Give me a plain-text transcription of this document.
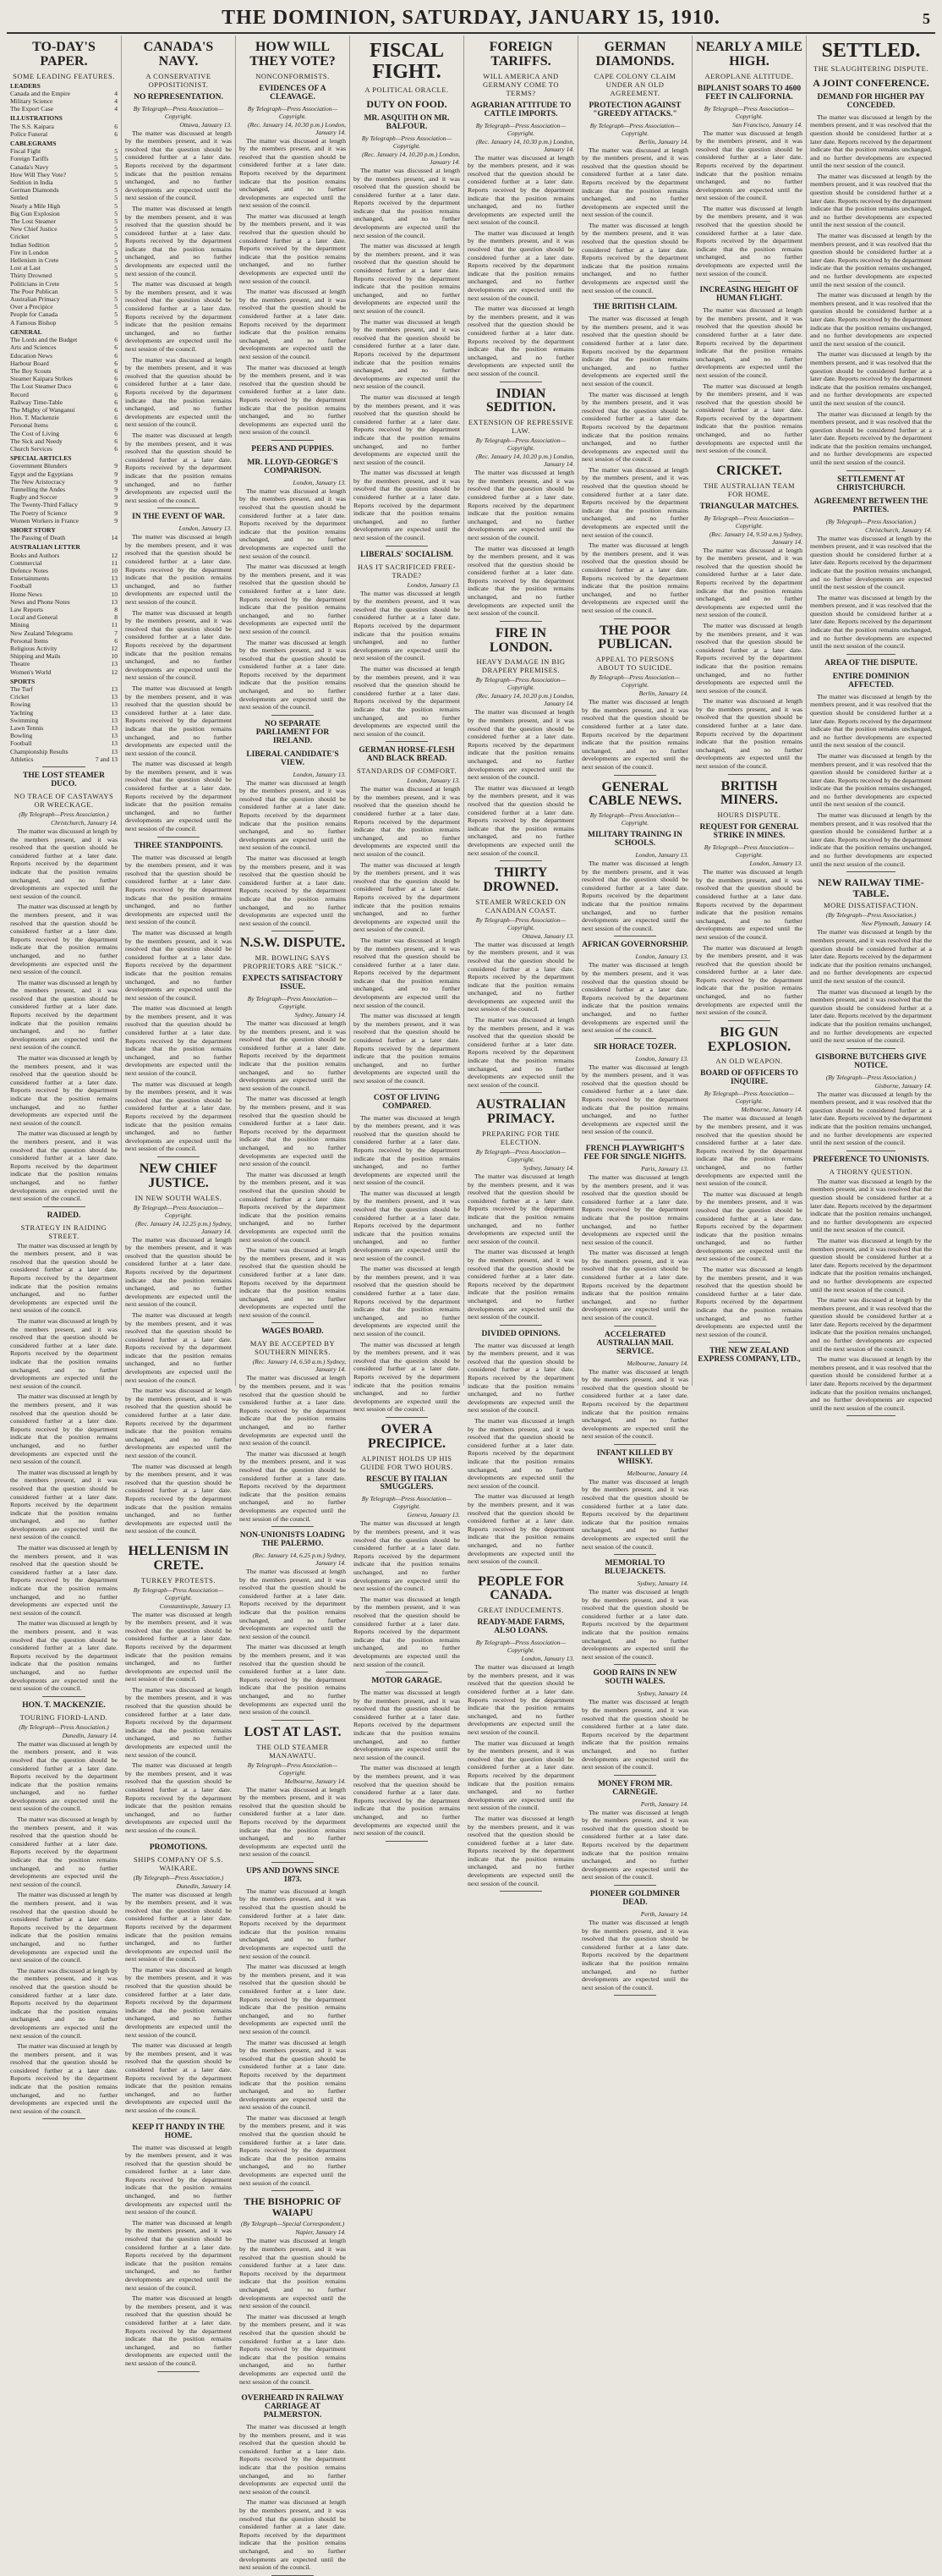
THE DOMINION, SATURDAY, JANUARY 15, 1910.	5
TO-DAY'S PAPER.
SOME LEADING FEATURES.
LEADERS
Canada and the Empire	4
Military Science	4
The Export Case	4
ILLUSTRATIONS
The S.S. Kaipara	6
Police Funeral	6
CABLEGRAMS
Fiscal Fight	5
Foreign Tariffs	5
Canada's Navy	5
How Will They Vote?	5
Sedition in India	5
German Diamonds	5
Settled	5
Nearly a Mile High	5
Big Gun Explosion	5
The Lost Steamer	5
New Chief Justice	5
Cricket	5
Indian Sedition	5
Fire in London	5
Hellenism in Crete	5
Lost at Last	5
Thirty Drowned	5
Politicians in Crete	5
The Poor Publican	5
Australian Primacy	5
Over a Precipice	5
People for Canada	5
A Famous Bishop	5
GENERAL
The Lords and the Budget	6
Arts and Sciences	6
Education News	6
Harbour Board	6
The Boy Scouts	6
Steamer Kaipara Strikes	6
The Lost Steamer Duco	6
Record	6
Railway Time-Table	6
The Mighty of Wanganui	6
Hon. T. Mackenzie	6
Personal Items	6
The Cost of Living	6
The Sick and Needy	6
Church Services	6
SPECIAL ARTICLES
Government Blunders	9
Egypt and the Egyptians	9
The New Aristocracy	9
Tunnelling the Andes	9
Rugby and Soccer	9
The Twenty-Third Fallacy	9
The Poetry of Science	9
Women Workers in France	9
SHORT STORY
The Passing of Death	14
AUSTRALIAN LETTER
Books and Authors	12
Commercial	11
Defence Notes	10
Entertainments	13
Football	13
Home News	10
News and Phone Notes	13
Law Reports	8
Local and General	8
Mining	11
New Zealand Telegrams	7
Personal Items	6
Religious Activity	12
Shipping and Mails	10
Theatre	13
Women's World	12
SPORTS
The Turf	13
Cricket	13
Rowing	13
Yachting	13
Swimming	13
Lawn Tennis	13
Bowling	13
Football	13
Championship Results	13
Athletics	7 and 13
THE LOST STEAMER DUCO.
NO TRACE OF CASTAWAYS OR WRECKAGE.
(By Telegraph—Press Association.)
Christchurch, January 14.

The matter was discussed at length by the members present, and it was resolved that the question should be considered further at a later date. Reports received by the department indicate that the position remains unchanged, and no further developments are expected until the next session of the council.

The matter was discussed at length by the members present, and it was resolved that the question should be considered further at a later date. Reports received by the department indicate that the position remains unchanged, and no further developments are expected until the next session of the council.

The matter was discussed at length by the members present, and it was resolved that the question should be considered further at a later date. Reports received by the department indicate that the position remains unchanged, and no further developments are expected until the next session of the council.

The matter was discussed at length by the members present, and it was resolved that the question should be considered further at a later date. Reports received by the department indicate that the position remains unchanged, and no further developments are expected until the next session of the council.

The matter was discussed at length by the members present, and it was resolved that the question should be considered further at a later date. Reports received by the department indicate that the position remains unchanged, and no further developments are expected until the next session of the council.

RAIDED.
STRATEGY IN RAIDING STREET.

The matter was discussed at length by the members present, and it was resolved that the question should be considered further at a later date. Reports received by the department indicate that the position remains unchanged, and no further developments are expected until the next session of the council.

The matter was discussed at length by the members present, and it was resolved that the question should be considered further at a later date. Reports received by the department indicate that the position remains unchanged, and no further developments are expected until the next session of the council.

The matter was discussed at length by the members present, and it was resolved that the question should be considered further at a later date. Reports received by the department indicate that the position remains unchanged, and no further developments are expected until the next session of the council.

The matter was discussed at length by the members present, and it was resolved that the question should be considered further at a later date. Reports received by the department indicate that the position remains unchanged, and no further developments are expected until the next session of the council.

The matter was discussed at length by the members present, and it was resolved that the question should be considered further at a later date. Reports received by the department indicate that the position remains unchanged, and no further developments are expected until the next session of the council.

The matter was discussed at length by the members present, and it was resolved that the question should be considered further at a later date. Reports received by the department indicate that the position remains unchanged, and no further developments are expected until the next session of the council.

HON. T. MACKENZIE.
TOURING FIORD-LAND.
(By Telegraph—Press Association.)
Dunedin, January 14.

The matter was discussed at length by the members present, and it was resolved that the question should be considered further at a later date. Reports received by the department indicate that the position remains unchanged, and no further developments are expected until the next session of the council.

The matter was discussed at length by the members present, and it was resolved that the question should be considered further at a later date. Reports received by the department indicate that the position remains unchanged, and no further developments are expected until the next session of the council.

The matter was discussed at length by the members present, and it was resolved that the question should be considered further at a later date. Reports received by the department indicate that the position remains unchanged, and no further developments are expected until the next session of the council.

The matter was discussed at length by the members present, and it was resolved that the question should be considered further at a later date. Reports received by the department indicate that the position remains unchanged, and no further developments are expected until the next session of the council.

The matter was discussed at length by the members present, and it was resolved that the question should be considered further at a later date. Reports received by the department indicate that the position remains unchanged, and no further developments are expected until the next session of the council.

CANADA'S NAVY.
A CONSERVATIVE OPPOSITIONIST.
NO REPRESENTATION.
By Telegraph—Press Association—Copyright.
Ottawa, January 13.

The matter was discussed at length by the members present, and it was resolved that the question should be considered further at a later date. Reports received by the department indicate that the position remains unchanged, and no further developments are expected until the next session of the council.

The matter was discussed at length by the members present, and it was resolved that the question should be considered further at a later date. Reports received by the department indicate that the position remains unchanged, and no further developments are expected until the next session of the council.

The matter was discussed at length by the members present, and it was resolved that the question should be considered further at a later date. Reports received by the department indicate that the position remains unchanged, and no further developments are expected until the next session of the council.

The matter was discussed at length by the members present, and it was resolved that the question should be considered further at a later date. Reports received by the department indicate that the position remains unchanged, and no further developments are expected until the next session of the council.

The matter was discussed at length by the members present, and it was resolved that the question should be considered further at a later date. Reports received by the department indicate that the position remains unchanged, and no further developments are expected until the next session of the council.

IN THE EVENT OF WAR.
London, January 13.

The matter was discussed at length by the members present, and it was resolved that the question should be considered further at a later date. Reports received by the department indicate that the position remains unchanged, and no further developments are expected until the next session of the council.

The matter was discussed at length by the members present, and it was resolved that the question should be considered further at a later date. Reports received by the department indicate that the position remains unchanged, and no further developments are expected until the next session of the council.

The matter was discussed at length by the members present, and it was resolved that the question should be considered further at a later date. Reports received by the department indicate that the position remains unchanged, and no further developments are expected until the next session of the council.

The matter was discussed at length by the members present, and it was resolved that the question should be considered further at a later date. Reports received by the department indicate that the position remains unchanged, and no further developments are expected until the next session of the council.

THREE STANDPOINTS.

The matter was discussed at length by the members present, and it was resolved that the question should be considered further at a later date. Reports received by the department indicate that the position remains unchanged, and no further developments are expected until the next session of the council.

The matter was discussed at length by the members present, and it was resolved that the question should be considered further at a later date. Reports received by the department indicate that the position remains unchanged, and no further developments are expected until the next session of the council.

The matter was discussed at length by the members present, and it was resolved that the question should be considered further at a later date. Reports received by the department indicate that the position remains unchanged, and no further developments are expected until the next session of the council.

The matter was discussed at length by the members present, and it was resolved that the question should be considered further at a later date. Reports received by the department indicate that the position remains unchanged, and no further developments are expected until the next session of the council.

NEW CHIEF JUSTICE.
IN NEW SOUTH WALES.
By Telegraph—Press Association—Copyright.
(Rec. January 14, 12.25 p.m.) Sydney, January 14.

The matter was discussed at length by the members present, and it was resolved that the question should be considered further at a later date. Reports received by the department indicate that the position remains unchanged, and no further developments are expected until the next session of the council.

The matter was discussed at length by the members present, and it was resolved that the question should be considered further at a later date. Reports received by the department indicate that the position remains unchanged, and no further developments are expected until the next session of the council.

The matter was discussed at length by the members present, and it was resolved that the question should be considered further at a later date. Reports received by the department indicate that the position remains unchanged, and no further developments are expected until the next session of the council.

The matter was discussed at length by the members present, and it was resolved that the question should be considered further at a later date. Reports received by the department indicate that the position remains unchanged, and no further developments are expected until the next session of the council.

HELLENISM IN CRETE.
TURKEY PROTESTS.
By Telegraph—Press Association—Copyright.
Constantinople, January 13.

The matter was discussed at length by the members present, and it was resolved that the question should be considered further at a later date. Reports received by the department indicate that the position remains unchanged, and no further developments are expected until the next session of the council.

The matter was discussed at length by the members present, and it was resolved that the question should be considered further at a later date. Reports received by the department indicate that the position remains unchanged, and no further developments are expected until the next session of the council.

The matter was discussed at length by the members present, and it was resolved that the question should be considered further at a later date. Reports received by the department indicate that the position remains unchanged, and no further developments are expected until the next session of the council.

PROMOTIONS.
SHIPS COMPANY OF S.S. WAIKARE.
(By Telegraph—Press Association.)
Dunedin, January 14.

The matter was discussed at length by the members present, and it was resolved that the question should be considered further at a later date. Reports received by the department indicate that the position remains unchanged, and no further developments are expected until the next session of the council.

The matter was discussed at length by the members present, and it was resolved that the question should be considered further at a later date. Reports received by the department indicate that the position remains unchanged, and no further developments are expected until the next session of the council.

The matter was discussed at length by the members present, and it was resolved that the question should be considered further at a later date. Reports received by the department indicate that the position remains unchanged, and no further developments are expected until the next session of the council.

KEEP IT HANDY IN THE HOME.

The matter was discussed at length by the members present, and it was resolved that the question should be considered further at a later date. Reports received by the department indicate that the position remains unchanged, and no further developments are expected until the next session of the council.

The matter was discussed at length by the members present, and it was resolved that the question should be considered further at a later date. Reports received by the department indicate that the position remains unchanged, and no further developments are expected until the next session of the council.

The matter was discussed at length by the members present, and it was resolved that the question should be considered further at a later date. Reports received by the department indicate that the position remains unchanged, and no further developments are expected until the next session of the council.

HOW WILL THEY VOTE?
NONCONFORMISTS.
EVIDENCES OF A CLEAVAGE.
By Telegraph—Press Association—Copyright.
(Rec. January 14, 10.30 p.m.) London, January 14.

The matter was discussed at length by the members present, and it was resolved that the question should be considered further at a later date. Reports received by the department indicate that the position remains unchanged, and no further developments are expected until the next session of the council.

The matter was discussed at length by the members present, and it was resolved that the question should be considered further at a later date. Reports received by the department indicate that the position remains unchanged, and no further developments are expected until the next session of the council.

The matter was discussed at length by the members present, and it was resolved that the question should be considered further at a later date. Reports received by the department indicate that the position remains unchanged, and no further developments are expected until the next session of the council.

The matter was discussed at length by the members present, and it was resolved that the question should be considered further at a later date. Reports received by the department indicate that the position remains unchanged, and no further developments are expected until the next session of the council.

PEERS AND PUPPIES.
MR. LLOYD-GEORGE'S COMPARISON.
London, January 13.

The matter was discussed at length by the members present, and it was resolved that the question should be considered further at a later date. Reports received by the department indicate that the position remains unchanged, and no further developments are expected until the next session of the council.

The matter was discussed at length by the members present, and it was resolved that the question should be considered further at a later date. Reports received by the department indicate that the position remains unchanged, and no further developments are expected until the next session of the council.

The matter was discussed at length by the members present, and it was resolved that the question should be considered further at a later date. Reports received by the department indicate that the position remains unchanged, and no further developments are expected until the next session of the council.

NO SEPARATE PARLIAMENT FOR IRELAND.
LIBERAL CANDIDATE'S VIEW.
London, January 13.

The matter was discussed at length by the members present, and it was resolved that the question should be considered further at a later date. Reports received by the department indicate that the position remains unchanged, and no further developments are expected until the next session of the council.

The matter was discussed at length by the members present, and it was resolved that the question should be considered further at a later date. Reports received by the department indicate that the position remains unchanged, and no further developments are expected until the next session of the council.

N.S.W. DISPUTE.
MR. BOWLING SAYS PROPRIETORS ARE "SICK."
EXPECTS SATISFACTORY ISSUE.
By Telegraph—Press Association—Copyright.
Sydney, January 14.

The matter was discussed at length by the members present, and it was resolved that the question should be considered further at a later date. Reports received by the department indicate that the position remains unchanged, and no further developments are expected until the next session of the council.

The matter was discussed at length by the members present, and it was resolved that the question should be considered further at a later date. Reports received by the department indicate that the position remains unchanged, and no further developments are expected until the next session of the council.

The matter was discussed at length by the members present, and it was resolved that the question should be considered further at a later date. Reports received by the department indicate that the position remains unchanged, and no further developments are expected until the next session of the council.

The matter was discussed at length by the members present, and it was resolved that the question should be considered further at a later date. Reports received by the department indicate that the position remains unchanged, and no further developments are expected until the next session of the council.

WAGES BOARD.
MAY BE ACCEPTED BY SOUTHERN MINERS.
(Rec. January 14, 6.50 a.m.) Sydney, January 14.

The matter was discussed at length by the members present, and it was resolved that the question should be considered further at a later date. Reports received by the department indicate that the position remains unchanged, and no further developments are expected until the next session of the council.

The matter was discussed at length by the members present, and it was resolved that the question should be considered further at a later date. Reports received by the department indicate that the position remains unchanged, and no further developments are expected until the next session of the council.

NON-UNIONISTS LOADING THE PALERMO.
(Rec. January 14, 6.25 p.m.) Sydney, January 14.

The matter was discussed at length by the members present, and it was resolved that the question should be considered further at a later date. Reports received by the department indicate that the position remains unchanged, and no further developments are expected until the next session of the council.

The matter was discussed at length by the members present, and it was resolved that the question should be considered further at a later date. Reports received by the department indicate that the position remains unchanged, and no further developments are expected until the next session of the council.

LOST AT LAST.
THE OLD STEAMER MANAWATU.
By Telegraph—Press Association—Copyright.
Melbourne, January 14.

The matter was discussed at length by the members present, and it was resolved that the question should be considered further at a later date. Reports received by the department indicate that the position remains unchanged, and no further developments are expected until the next session of the council.

UPS AND DOWNS SINCE 1873.

The matter was discussed at length by the members present, and it was resolved that the question should be considered further at a later date. Reports received by the department indicate that the position remains unchanged, and no further developments are expected until the next session of the council.

The matter was discussed at length by the members present, and it was resolved that the question should be considered further at a later date. Reports received by the department indicate that the position remains unchanged, and no further developments are expected until the next session of the council.

The matter was discussed at length by the members present, and it was resolved that the question should be considered further at a later date. Reports received by the department indicate that the position remains unchanged, and no further developments are expected until the next session of the council.

The matter was discussed at length by the members present, and it was resolved that the question should be considered further at a later date. Reports received by the department indicate that the position remains unchanged, and no further developments are expected until the next session of the council.

THE BISHOPRIC OF WAIAPU
(By Telegraph—Special Correspondent.)
Napier, January 14.

The matter was discussed at length by the members present, and it was resolved that the question should be considered further at a later date. Reports received by the department indicate that the position remains unchanged, and no further developments are expected until the next session of the council.

The matter was discussed at length by the members present, and it was resolved that the question should be considered further at a later date. Reports received by the department indicate that the position remains unchanged, and no further developments are expected until the next session of the council.

OVERHEARD IN RAILWAY CARRIAGE AT PALMERSTON.

The matter was discussed at length by the members present, and it was resolved that the question should be considered further at a later date. Reports received by the department indicate that the position remains unchanged, and no further developments are expected until the next session of the council.

The matter was discussed at length by the members present, and it was resolved that the question should be considered further at a later date. Reports received by the department indicate that the position remains unchanged, and no further developments are expected until the next session of the council.

FISCAL FIGHT.
A POLITICAL ORACLE.
DUTY ON FOOD.
MR. ASQUITH ON MR. BALFOUR.
By Telegraph—Press Association—Copyright.
(Rec. January 14, 10.20 p.m.) London, January 14.

The matter was discussed at length by the members present, and it was resolved that the question should be considered further at a later date. Reports received by the department indicate that the position remains unchanged, and no further developments are expected until the next session of the council.

The matter was discussed at length by the members present, and it was resolved that the question should be considered further at a later date. Reports received by the department indicate that the position remains unchanged, and no further developments are expected until the next session of the council.

The matter was discussed at length by the members present, and it was resolved that the question should be considered further at a later date. Reports received by the department indicate that the position remains unchanged, and no further developments are expected until the next session of the council.

The matter was discussed at length by the members present, and it was resolved that the question should be considered further at a later date. Reports received by the department indicate that the position remains unchanged, and no further developments are expected until the next session of the council.

The matter was discussed at length by the members present, and it was resolved that the question should be considered further at a later date. Reports received by the department indicate that the position remains unchanged, and no further developments are expected until the next session of the council.

LIBERALS' SOCIALISM.
HAS IT SACRIFICED FREE-TRADE?
London, January 13.

The matter was discussed at length by the members present, and it was resolved that the question should be considered further at a later date. Reports received by the department indicate that the position remains unchanged, and no further developments are expected until the next session of the council.

The matter was discussed at length by the members present, and it was resolved that the question should be considered further at a later date. Reports received by the department indicate that the position remains unchanged, and no further developments are expected until the next session of the council.

GERMAN HORSE-FLESH AND BLACK BREAD.
STANDARDS OF COMFORT.
London, January 13.

The matter was discussed at length by the members present, and it was resolved that the question should be considered further at a later date. Reports received by the department indicate that the position remains unchanged, and no further developments are expected until the next session of the council.

The matter was discussed at length by the members present, and it was resolved that the question should be considered further at a later date. Reports received by the department indicate that the position remains unchanged, and no further developments are expected until the next session of the council.

The matter was discussed at length by the members present, and it was resolved that the question should be considered further at a later date. Reports received by the department indicate that the position remains unchanged, and no further developments are expected until the next session of the council.

The matter was discussed at length by the members present, and it was resolved that the question should be considered further at a later date. Reports received by the department indicate that the position remains unchanged, and no further developments are expected until the next session of the council.

COST OF LIVING COMPARED.

The matter was discussed at length by the members present, and it was resolved that the question should be considered further at a later date. Reports received by the department indicate that the position remains unchanged, and no further developments are expected until the next session of the council.

The matter was discussed at length by the members present, and it was resolved that the question should be considered further at a later date. Reports received by the department indicate that the position remains unchanged, and no further developments are expected until the next session of the council.

The matter was discussed at length by the members present, and it was resolved that the question should be considered further at a later date. Reports received by the department indicate that the position remains unchanged, and no further developments are expected until the next session of the council.

The matter was discussed at length by the members present, and it was resolved that the question should be considered further at a later date. Reports received by the department indicate that the position remains unchanged, and no further developments are expected until the next session of the council.

OVER A PRECIPICE.
ALPINIST HOLDS UP HIS GUIDE FOR TWO HOURS.
RESCUE BY ITALIAN SMUGGLERS.
By Telegraph—Press Association—Copyright.
Geneva, January 13.

The matter was discussed at length by the members present, and it was resolved that the question should be considered further at a later date. Reports received by the department indicate that the position remains unchanged, and no further developments are expected until the next session of the council.

The matter was discussed at length by the members present, and it was resolved that the question should be considered further at a later date. Reports received by the department indicate that the position remains unchanged, and no further developments are expected until the next session of the council.

MOTOR GARAGE.

The matter was discussed at length by the members present, and it was resolved that the question should be considered further at a later date. Reports received by the department indicate that the position remains unchanged, and no further developments are expected until the next session of the council.

The matter was discussed at length by the members present, and it was resolved that the question should be considered further at a later date. Reports received by the department indicate that the position remains unchanged, and no further developments are expected until the next session of the council.

FOREIGN TARIFFS.
WILL AMERICA AND GERMANY COME TO TERMS?
AGRARIAN ATTITUDE TO CATTLE IMPORTS.
By Telegraph—Press Association—Copyright.
(Rec. January 14, 10.30 p.m.) London, January 14.

The matter was discussed at length by the members present, and it was resolved that the question should be considered further at a later date. Reports received by the department indicate that the position remains unchanged, and no further developments are expected until the next session of the council.

The matter was discussed at length by the members present, and it was resolved that the question should be considered further at a later date. Reports received by the department indicate that the position remains unchanged, and no further developments are expected until the next session of the council.

The matter was discussed at length by the members present, and it was resolved that the question should be considered further at a later date. Reports received by the department indicate that the position remains unchanged, and no further developments are expected until the next session of the council.

INDIAN SEDITION.
EXTENSION OF REPRESSIVE LAW.
By Telegraph—Press Association—Copyright.
(Rec. January 14, 10.20 p.m.) London, January 14.

The matter was discussed at length by the members present, and it was resolved that the question should be considered further at a later date. Reports received by the department indicate that the position remains unchanged, and no further developments are expected until the next session of the council.

The matter was discussed at length by the members present, and it was resolved that the question should be considered further at a later date. Reports received by the department indicate that the position remains unchanged, and no further developments are expected until the next session of the council.

FIRE IN LONDON.
HEAVY DAMAGE IN BIG DRAPERY PREMISES.
By Telegraph—Press Association—Copyright.
(Rec. January 14, 10.20 p.m.) London, January 14.

The matter was discussed at length by the members present, and it was resolved that the question should be considered further at a later date. Reports received by the department indicate that the position remains unchanged, and no further developments are expected until the next session of the council.

The matter was discussed at length by the members present, and it was resolved that the question should be considered further at a later date. Reports received by the department indicate that the position remains unchanged, and no further developments are expected until the next session of the council.

THIRTY DROWNED.
STEAMER WRECKED ON CANADIAN COAST.
By Telegraph—Press Association—Copyright.
Ottawa, January 13.

The matter was discussed at length by the members present, and it was resolved that the question should be considered further at a later date. Reports received by the department indicate that the position remains unchanged, and no further developments are expected until the next session of the council.

The matter was discussed at length by the members present, and it was resolved that the question should be considered further at a later date. Reports received by the department indicate that the position remains unchanged, and no further developments are expected until the next session of the council.

AUSTRALIAN PRIMACY.
PREPARING FOR THE ELECTION.
By Telegraph—Press Association—Copyright.
Sydney, January 14.

The matter was discussed at length by the members present, and it was resolved that the question should be considered further at a later date. Reports received by the department indicate that the position remains unchanged, and no further developments are expected until the next session of the council.

The matter was discussed at length by the members present, and it was resolved that the question should be considered further at a later date. Reports received by the department indicate that the position remains unchanged, and no further developments are expected until the next session of the council.

DIVIDED OPINIONS.

The matter was discussed at length by the members present, and it was resolved that the question should be considered further at a later date. Reports received by the department indicate that the position remains unchanged, and no further developments are expected until the next session of the council.

The matter was discussed at length by the members present, and it was resolved that the question should be considered further at a later date. Reports received by the department indicate that the position remains unchanged, and no further developments are expected until the next session of the council.

The matter was discussed at length by the members present, and it was resolved that the question should be considered further at a later date. Reports received by the department indicate that the position remains unchanged, and no further developments are expected until the next session of the council.

PEOPLE FOR CANADA.
GREAT INDUCEMENTS.
READY-MADE FARMS, ALSO LOANS.
By Telegraph—Press Association—Copyright.
London, January 13.

The matter was discussed at length by the members present, and it was resolved that the question should be considered further at a later date. Reports received by the department indicate that the position remains unchanged, and no further developments are expected until the next session of the council.

The matter was discussed at length by the members present, and it was resolved that the question should be considered further at a later date. Reports received by the department indicate that the position remains unchanged, and no further developments are expected until the next session of the council.

The matter was discussed at length by the members present, and it was resolved that the question should be considered further at a later date. Reports received by the department indicate that the position remains unchanged, and no further developments are expected until the next session of the council.

GERMAN DIAMONDS.
CAPE COLONY CLAIM UNDER AN OLD AGREEMENT.
PROTECTION AGAINST "GREEDY ATTACKS."
By Telegraph—Press Association—Copyright.
Berlin, January 14.

The matter was discussed at length by the members present, and it was resolved that the question should be considered further at a later date. Reports received by the department indicate that the position remains unchanged, and no further developments are expected until the next session of the council.

The matter was discussed at length by the members present, and it was resolved that the question should be considered further at a later date. Reports received by the department indicate that the position remains unchanged, and no further developments are expected until the next session of the council.

THE BRITISH CLAIM.

The matter was discussed at length by the members present, and it was resolved that the question should be considered further at a later date. Reports received by the department indicate that the position remains unchanged, and no further developments are expected until the next session of the council.

The matter was discussed at length by the members present, and it was resolved that the question should be considered further at a later date. Reports received by the department indicate that the position remains unchanged, and no further developments are expected until the next session of the council.

The matter was discussed at length by the members present, and it was resolved that the question should be considered further at a later date. Reports received by the department indicate that the position remains unchanged, and no further developments are expected until the next session of the council.

The matter was discussed at length by the members present, and it was resolved that the question should be considered further at a later date. Reports received by the department indicate that the position remains unchanged, and no further developments are expected until the next session of the council.

THE POOR PUBLICAN.
APPEAL TO PERSONS ABOUT TO SUICIDE.
By Telegraph—Press Association—Copyright.
Berlin, January 14.

The matter was discussed at length by the members present, and it was resolved that the question should be considered further at a later date. Reports received by the department indicate that the position remains unchanged, and no further developments are expected until the next session of the council.

GENERAL CABLE NEWS.
By Telegraph—Press Association—Copyright.
MILITARY TRAINING IN SCHOOLS.
London, January 13.

The matter was discussed at length by the members present, and it was resolved that the question should be considered further at a later date. Reports received by the department indicate that the position remains unchanged, and no further developments are expected until the next session of the council.

AFRICAN GOVERNORSHIP.
London, January 13.

The matter was discussed at length by the members present, and it was resolved that the question should be considered further at a later date. Reports received by the department indicate that the position remains unchanged, and no further developments are expected until the next session of the council.

SIR HORACE TOZER.
London, January 13.

The matter was discussed at length by the members present, and it was resolved that the question should be considered further at a later date. Reports received by the department indicate that the position remains unchanged, and no further developments are expected until the next session of the council.

FRENCH PLAYWRIGHT'S FEE FOR SINGLE NIGHTS.
Paris, January 13.

The matter was discussed at length by the members present, and it was resolved that the question should be considered further at a later date. Reports received by the department indicate that the position remains unchanged, and no further developments are expected until the next session of the council.

The matter was discussed at length by the members present, and it was resolved that the question should be considered further at a later date. Reports received by the department indicate that the position remains unchanged, and no further developments are expected until the next session of the council.

ACCELERATED AUSTRALIAN MAIL SERVICE.
Melbourne, January 14.

The matter was discussed at length by the members present, and it was resolved that the question should be considered further at a later date. Reports received by the department indicate that the position remains unchanged, and no further developments are expected until the next session of the council.

INFANT KILLED BY WHISKY.
Melbourne, January 14.

The matter was discussed at length by the members present, and it was resolved that the question should be considered further at a later date. Reports received by the department indicate that the position remains unchanged, and no further developments are expected until the next session of the council.

MEMORIAL TO BLUEJACKETS.
Sydney, January 14.

The matter was discussed at length by the members present, and it was resolved that the question should be considered further at a later date. Reports received by the department indicate that the position remains unchanged, and no further developments are expected until the next session of the council.

GOOD RAINS IN NEW SOUTH WALES.
Sydney, January 14.

The matter was discussed at length by the members present, and it was resolved that the question should be considered further at a later date. Reports received by the department indicate that the position remains unchanged, and no further developments are expected until the next session of the council.

MONEY FROM MR. CARNEGIE.
Perth, January 14.

The matter was discussed at length by the members present, and it was resolved that the question should be considered further at a later date. Reports received by the department indicate that the position remains unchanged, and no further developments are expected until the next session of the council.

PIONEER GOLDMINER DEAD.
Perth, January 14.

The matter was discussed at length by the members present, and it was resolved that the question should be considered further at a later date. Reports received by the department indicate that the position remains unchanged, and no further developments are expected until the next session of the council.

NEARLY A MILE HIGH.
AEROPLANE ALTITUDE.
BIPLANIST SOARS TO 4600 FEET IN CALIFORNIA.
By Telegraph—Press Association—Copyright.
San Francisco, January 14.

The matter was discussed at length by the members present, and it was resolved that the question should be considered further at a later date. Reports received by the department indicate that the position remains unchanged, and no further developments are expected until the next session of the council.

The matter was discussed at length by the members present, and it was resolved that the question should be considered further at a later date. Reports received by the department indicate that the position remains unchanged, and no further developments are expected until the next session of the council.

INCREASING HEIGHT OF HUMAN FLIGHT.

The matter was discussed at length by the members present, and it was resolved that the question should be considered further at a later date. Reports received by the department indicate that the position remains unchanged, and no further developments are expected until the next session of the council.

The matter was discussed at length by the members present, and it was resolved that the question should be considered further at a later date. Reports received by the department indicate that the position remains unchanged, and no further developments are expected until the next session of the council.

CRICKET.
THE AUSTRALIAN TEAM FOR HOME.
TRIANGULAR MATCHES.
By Telegraph—Press Association—Copyright.
(Rec. January 14, 9.50 a.m.) Sydney, January 14.

The matter was discussed at length by the members present, and it was resolved that the question should be considered further at a later date. Reports received by the department indicate that the position remains unchanged, and no further developments are expected until the next session of the council.

The matter was discussed at length by the members present, and it was resolved that the question should be considered further at a later date. Reports received by the department indicate that the position remains unchanged, and no further developments are expected until the next session of the council.

The matter was discussed at length by the members present, and it was resolved that the question should be considered further at a later date. Reports received by the department indicate that the position remains unchanged, and no further developments are expected until the next session of the council.

BRITISH MINERS.
HOURS DISPUTE.
REQUEST FOR GENERAL STRIKE IN MINES.
By Telegraph—Press Association—Copyright.
London, January 13.

The matter was discussed at length by the members present, and it was resolved that the question should be considered further at a later date. Reports received by the department indicate that the position remains unchanged, and no further developments are expected until the next session of the council.

The matter was discussed at length by the members present, and it was resolved that the question should be considered further at a later date. Reports received by the department indicate that the position remains unchanged, and no further developments are expected until the next session of the council.

BIG GUN EXPLOSION.
AN OLD WEAPON.
BOARD OF OFFICERS TO INQUIRE.
By Telegraph—Press Association—Copyright.
Melbourne, January 14.

The matter was discussed at length by the members present, and it was resolved that the question should be considered further at a later date. Reports received by the department indicate that the position remains unchanged, and no further developments are expected until the next session of the council.

The matter was discussed at length by the members present, and it was resolved that the question should be considered further at a later date. Reports received by the department indicate that the position remains unchanged, and no further developments are expected until the next session of the council.

The matter was discussed at length by the members present, and it was resolved that the question should be considered further at a later date. Reports received by the department indicate that the position remains unchanged, and no further developments are expected until the next session of the council.

THE NEW ZEALAND EXPRESS COMPANY, LTD.,
SETTLED.
THE SLAUGHTERING DISPUTE.
A JOINT CONFERENCE.
DEMAND FOR HIGHER PAY CONCEDED.

The matter was discussed at length by the members present, and it was resolved that the question should be considered further at a later date. Reports received by the department indicate that the position remains unchanged, and no further developments are expected until the next session of the council.

The matter was discussed at length by the members present, and it was resolved that the question should be considered further at a later date. Reports received by the department indicate that the position remains unchanged, and no further developments are expected until the next session of the council.

The matter was discussed at length by the members present, and it was resolved that the question should be considered further at a later date. Reports received by the department indicate that the position remains unchanged, and no further developments are expected until the next session of the council.

The matter was discussed at length by the members present, and it was resolved that the question should be considered further at a later date. Reports received by the department indicate that the position remains unchanged, and no further developments are expected until the next session of the council.

The matter was discussed at length by the members present, and it was resolved that the question should be considered further at a later date. Reports received by the department indicate that the position remains unchanged, and no further developments are expected until the next session of the council.

The matter was discussed at length by the members present, and it was resolved that the question should be considered further at a later date. Reports received by the department indicate that the position remains unchanged, and no further developments are expected until the next session of the council.

SETTLEMENT AT CHRISTCHURCH.
AGREEMENT BETWEEN THE PARTIES.
(By Telegraph—Press Association.)
Christchurch, January 14.

The matter was discussed at length by the members present, and it was resolved that the question should be considered further at a later date. Reports received by the department indicate that the position remains unchanged, and no further developments are expected until the next session of the council.

The matter was discussed at length by the members present, and it was resolved that the question should be considered further at a later date. Reports received by the department indicate that the position remains unchanged, and no further developments are expected until the next session of the council.

AREA OF THE DISPUTE.
ENTIRE DOMINION AFFECTED.

The matter was discussed at length by the members present, and it was resolved that the question should be considered further at a later date. Reports received by the department indicate that the position remains unchanged, and no further developments are expected until the next session of the council.

The matter was discussed at length by the members present, and it was resolved that the question should be considered further at a later date. Reports received by the department indicate that the position remains unchanged, and no further developments are expected until the next session of the council.

The matter was discussed at length by the members present, and it was resolved that the question should be considered further at a later date. Reports received by the department indicate that the position remains unchanged, and no further developments are expected until the next session of the council.

NEW RAILWAY TIME-TABLE.
MORE DISSATISFACTION.
(By Telegraph—Press Association.)
New Plymouth, January 14.

The matter was discussed at length by the members present, and it was resolved that the question should be considered further at a later date. Reports received by the department indicate that the position remains unchanged, and no further developments are expected until the next session of the council.

The matter was discussed at length by the members present, and it was resolved that the question should be considered further at a later date. Reports received by the department indicate that the position remains unchanged, and no further developments are expected until the next session of the council.

GISBORNE BUTCHERS GIVE NOTICE.
(By Telegraph—Press Association.)
Gisborne, January 14.

The matter was discussed at length by the members present, and it was resolved that the question should be considered further at a later date. Reports received by the department indicate that the position remains unchanged, and no further developments are expected until the next session of the council.

PREFERENCE TO UNIONISTS.
A THORNY QUESTION.

The matter was discussed at length by the members present, and it was resolved that the question should be considered further at a later date. Reports received by the department indicate that the position remains unchanged, and no further developments are expected until the next session of the council.

The matter was discussed at length by the members present, and it was resolved that the question should be considered further at a later date. Reports received by the department indicate that the position remains unchanged, and no further developments are expected until the next session of the council.

The matter was discussed at length by the members present, and it was resolved that the question should be considered further at a later date. Reports received by the department indicate that the position remains unchanged, and no further developments are expected until the next session of the council.

The matter was discussed at length by the members present, and it was resolved that the question should be considered further at a later date. Reports received by the department indicate that the position remains unchanged, and no further developments are expected until the next session of the council.
